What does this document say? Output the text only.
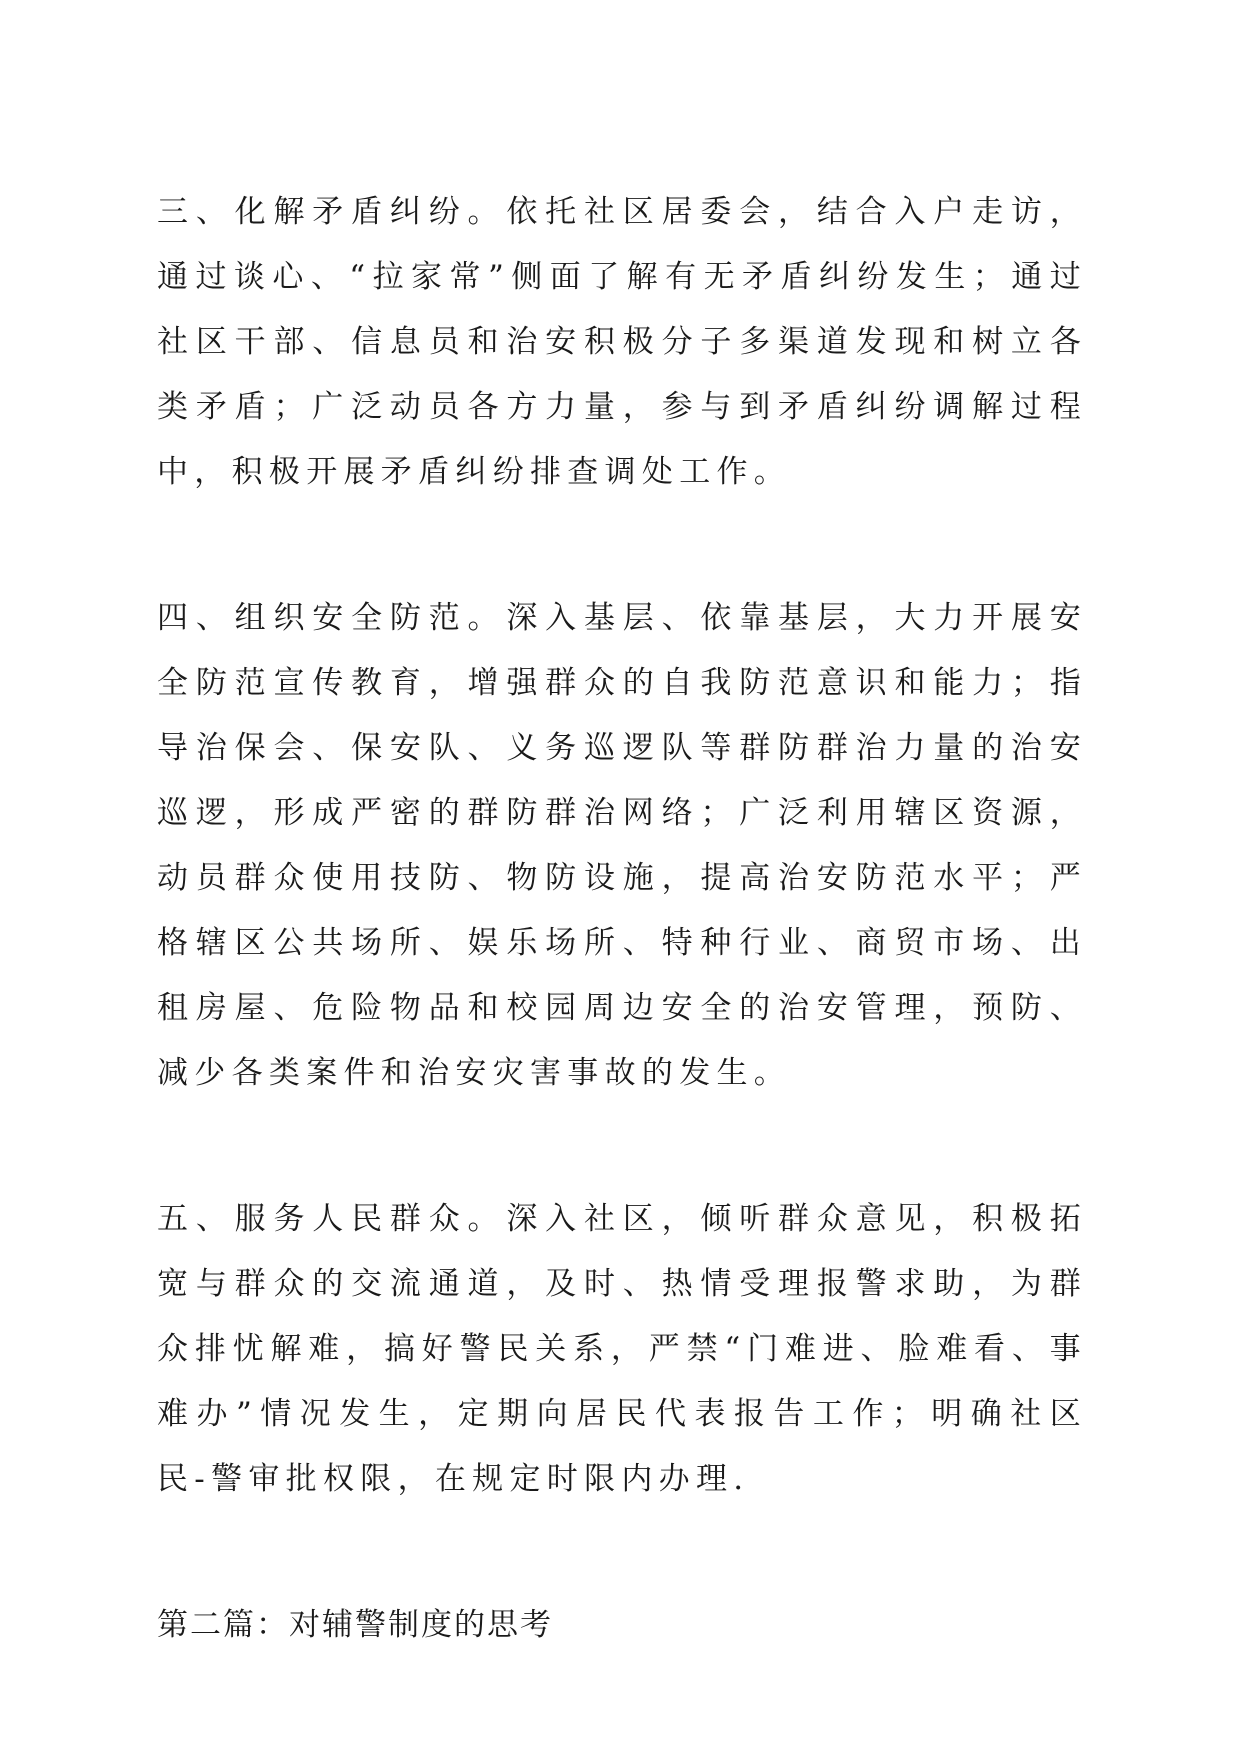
三、化解矛盾纠纷。依托社区居委会，结合入户走访，通过谈心、“拉家常”侧面了解有无矛盾纠纷发生；通过社区干部、信息员和治安积极分子多渠道发现和树立各类矛盾；广泛动员各方力量，参与到矛盾纠纷调解过程中，积极开展矛盾纠纷排查调处工作。

四、组织安全防范。深入基层、依靠基层，大力开展安全防范宣传教育，增强群众的自我防范意识和能力；指导治保会、保安队、义务巡逻队等群防群治力量的治安巡逻，形成严密的群防群治网络；广泛利用辖区资源，动员群众使用技防、物防设施，提高治安防范水平；严格辖区公共场所、娱乐场所、特种行业、商贸市场、出租房屋、危险物品和校园周边安全的治安管理，预防、减少各类案件和治安灾害事故的发生。

五、服务人民群众。深入社区，倾听群众意见，积极拓宽与群众的交流通道，及时、热情受理报警求助，为群众排忧解难，搞好警民关系，严禁“门难进、脸难看、事难办”情况发生，定期向居民代表报告工作；明确社区民-警审批权限，在规定时限内办理.

第二篇：对辅警制度的思考
